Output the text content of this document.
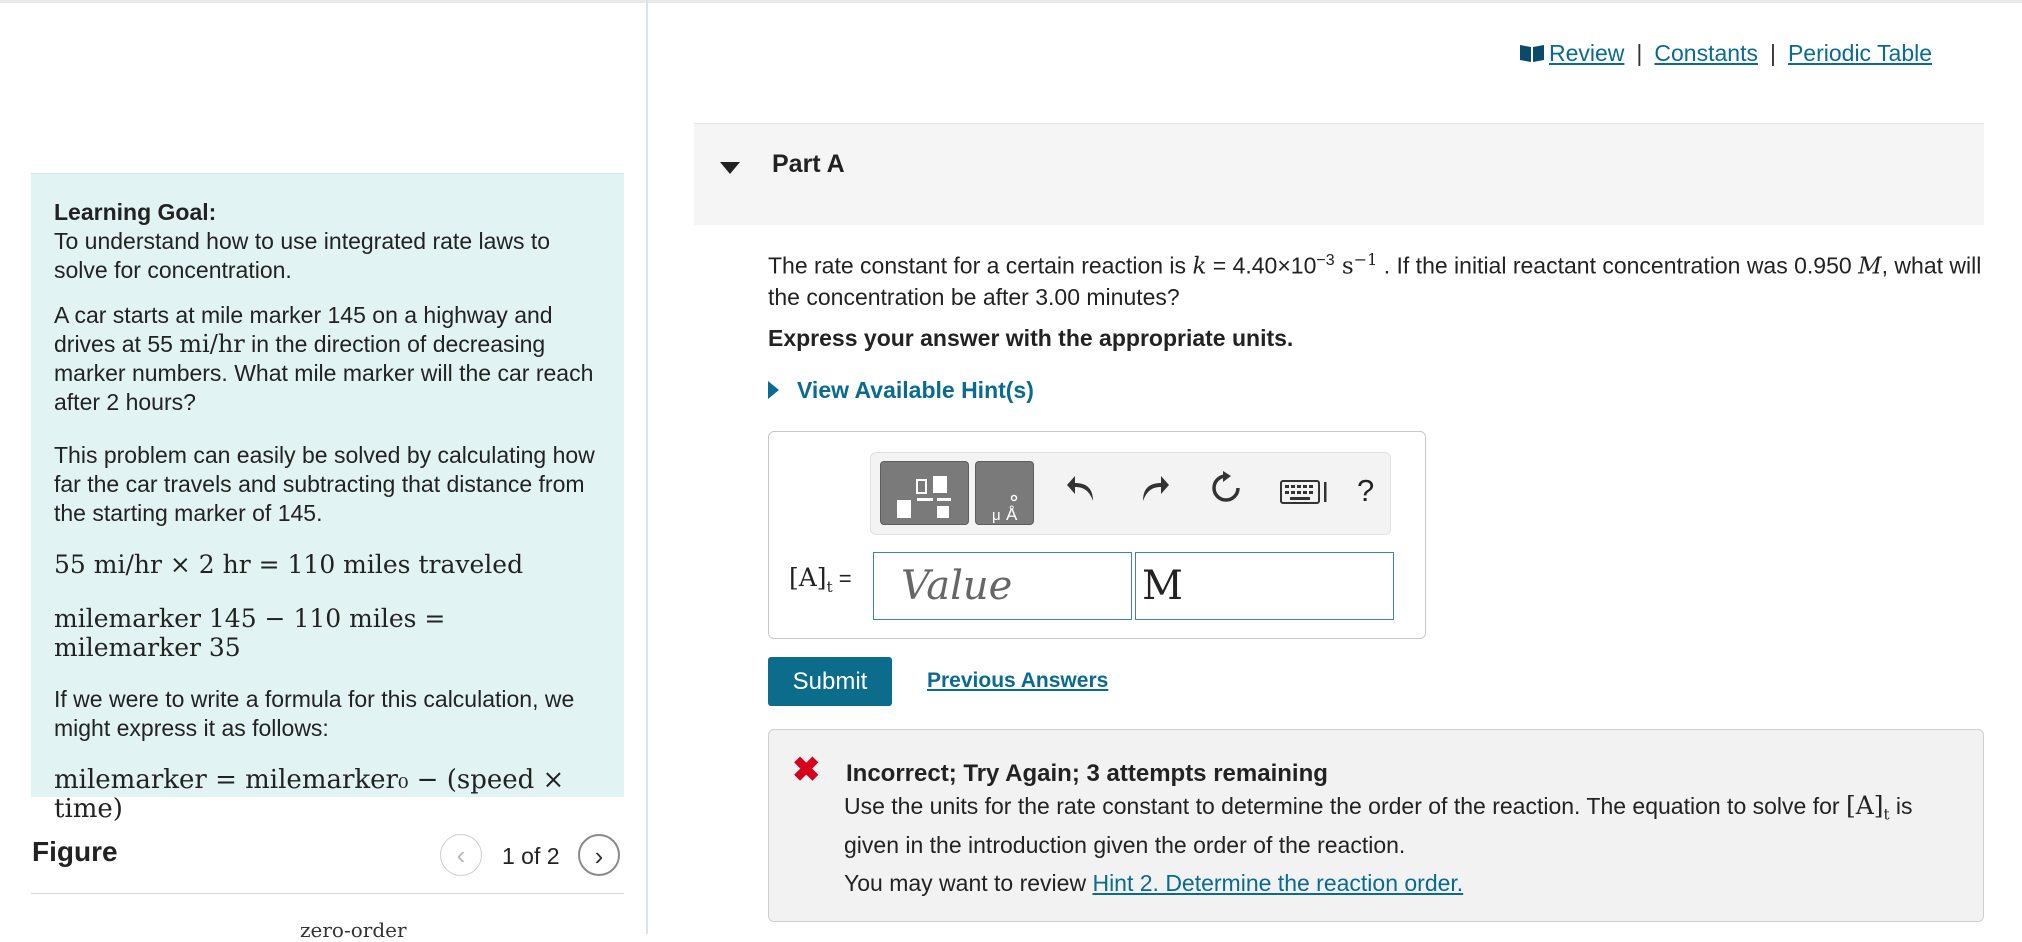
Learning Goal:

To understand how to use integrated rate laws to solve for concentration.

A car starts at mile marker 145 on a highway and drives at 55 mi/hr in the direction of decreasing marker numbers. What mile marker will the car reach after 2 hours?

This problem can easily be solved by calculating how far the car travels and subtracting that distance from the starting marker of 145.

55 mi/hr × 2 hr = 110 miles traveled

milemarker 145 − 110 miles = milemarker 35

If we were to write a formula for this calculation, we might express it as follows:

milemarker = milemarker₀ − (speed × time)

Figure	‹	1 of 2	›
zero-order
Review | Constants | Periodic Table
Part A
The rate constant for a certain reaction is $k = 4.40\times 10^{-3}$ $s^{-1}$ . If the initial reactant concentration was 0.950 M, what will the concentration be after 3.00 minutes?
Express your answer with the appropriate units.
View Available Hint(s)
μ Å
?
$[A]_t$ =	Value	M
Submit	Previous Answers
✖ Incorrect; Try Again; 3 attempts remaining
Use the units for the rate constant to determine the order of the reaction. The equation to solve for $[A]_t$ is given in the introduction given the order of the reaction.
You may want to review Hint 2. Determine the reaction order.
